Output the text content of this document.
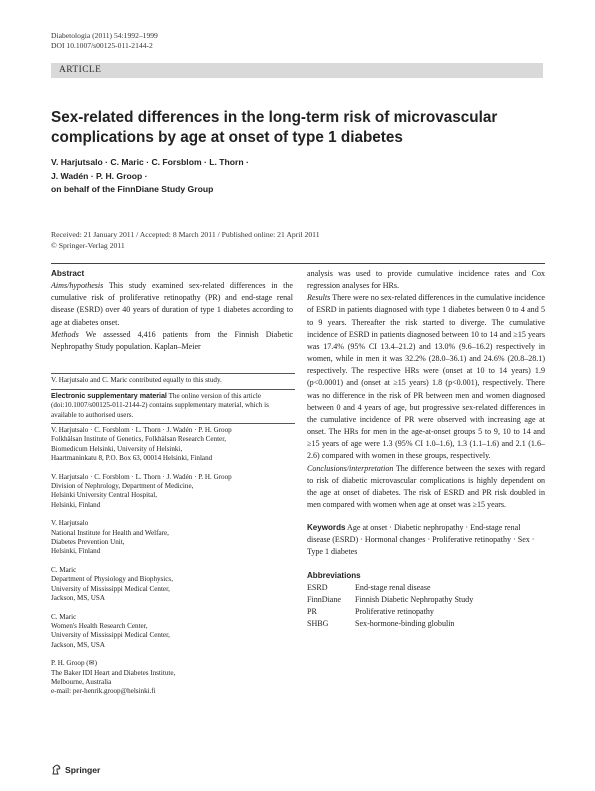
Diabetologia (2011) 54:1992–1999
DOI 10.1007/s00125-011-2144-2
ARTICLE
Sex-related differences in the long-term risk of microvascular complications by age at onset of type 1 diabetes
V. Harjutsalo · C. Maric · C. Forsblom · L. Thorn ·
J. Wadén · P. H. Groop ·
on behalf of the FinnDiane Study Group
Received: 21 January 2011 / Accepted: 8 March 2011 / Published online: 21 April 2011
© Springer-Verlag 2011

Abstract

Aims/hypothesis This study examined sex-related differences in the cumulative risk of proliferative retinopathy (PR) and end-stage renal disease (ESRD) over 40 years of duration of type 1 diabetes according to age at diabetes onset.

Methods We assessed 4,416 patients from the Finnish Diabetic Nephropathy Study population. Kaplan–Meier

V. Harjutsalo and C. Maric contributed equally to this study.
Electronic supplementary material The online version of this article (doi:10.1007/s00125-011-2144-2) contains supplementary material, which is available to authorised users.

V. Harjutsalo · C. Forsblom · L. Thorn · J. Wadén · P. H. Groop

Folkhälsan Institute of Genetics, Folkhälsan Research Center,

Biomedicum Helsinki, University of Helsinki,

Haartmaninkatu 8, P.O. Box 63, 00014 Helsinki, Finland

V. Harjutsalo · C. Forsblom · L. Thorn · J. Wadén · P. H. Groop

Division of Nephrology, Department of Medicine,

Helsinki University Central Hospital,

Helsinki, Finland

V. Harjutsalo

National Institute for Health and Welfare,

Diabetes Prevention Unit,

Helsinki, Finland

C. Maric

Department of Physiology and Biophysics,

University of Mississippi Medical Center,

Jackson, MS, USA

C. Maric

Women's Health Research Center,

University of Mississippi Medical Center,

Jackson, MS, USA

P. H. Groop (✉)

The Baker IDI Heart and Diabetes Institute,

Melbourne, Australia

e-mail: per-henrik.groop@helsinki.fi

analysis was used to provide cumulative incidence rates and Cox regression analyses for HRs.

Results There were no sex-related differences in the cumulative incidence of ESRD in patients diagnosed with type 1 diabetes between 0 to 4 and 5 to 9 years. Thereafter the risk started to diverge. The cumulative incidence of ESRD in patients diagnosed between 10 to 14 and ≥15 years was 17.4% (95% CI 13.4–21.2) and 13.0% (9.6–16.2) respectively in women, while in men it was 32.2% (28.0–36.1) and 24.6% (20.8–28.1) respectively. The respective HRs were (onset at 10 to 14 years) 1.9 (p<0.0001) and (onset at ≥15 years) 1.8 (p<0.001), respectively. There was no difference in the risk of PR between men and women diagnosed between 0 and 4 years of age, but progressive sex-related differences in the cumulative incidence of PR were observed with increasing age at onset. The HRs for men in the age-at-onset groups 5 to 9, 10 to 14 and ≥15 years of age were 1.3 (95% CI 1.0–1.6), 1.3 (1.1–1.6) and 2.1 (1.6–2.6) compared with women in these groups, respectively.

Conclusions/interpretation The difference between the sexes with regard to risk of diabetic microvascular complications is highly dependent on the age at onset of diabetes. The risk of ESRD and PR risk doubled in men compared with women when age at onset was ≥15 years.

Keywords Age at onset · Diabetic nephropathy · End-stage renal disease (ESRD) · Hormonal changes · Proliferative retinopathy · Sex · Type 1 diabetes

Abbreviations

ESRD	End-stage renal disease
FinnDiane	Finnish Diabetic Nephropathy Study
PR	Proliferative retinopathy
SHBG	Sex-hormone-binding globulin
Springer
